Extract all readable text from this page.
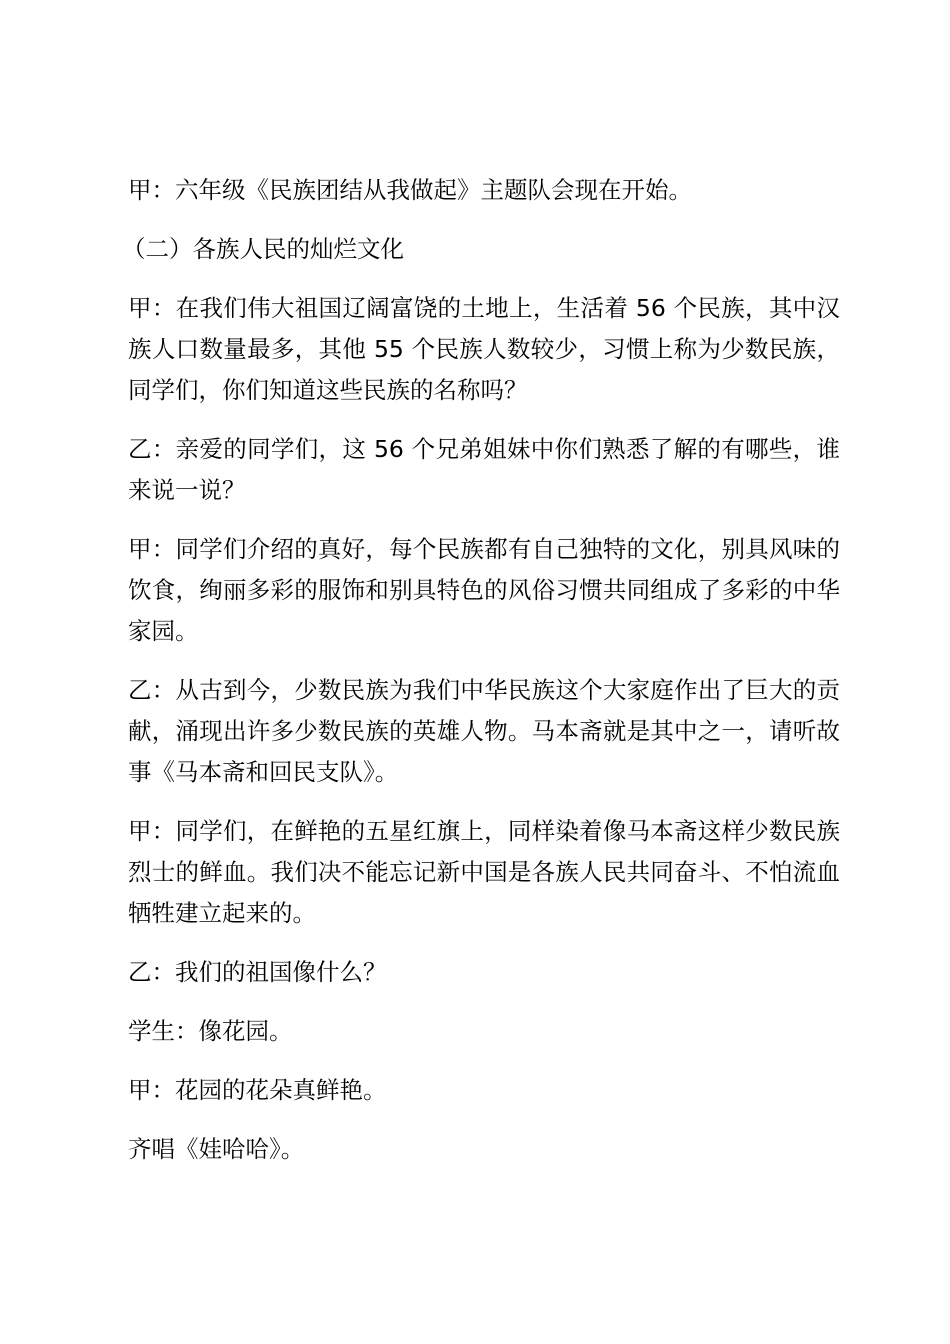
甲：六年级《民族团结从我做起》主题队会现在开始。

（二）各族人民的灿烂文化

甲：在我们伟大祖国辽阔富饶的土地上，生活着 56 个民族，其中汉族人口数量最多，其他 55 个民族人数较少，习惯上称为少数民族，同学们，你们知道这些民族的名称吗？

乙：亲爱的同学们，这 56 个兄弟姐妹中你们熟悉了解的有哪些，谁来说一说？

甲：同学们介绍的真好，每个民族都有自己独特的文化，别具风味的饮食，绚丽多彩的服饰和别具特色的风俗习惯共同组成了多彩的中华家园。

乙：从古到今，少数民族为我们中华民族这个大家庭作出了巨大的贡献，涌现出许多少数民族的英雄人物。马本斋就是其中之一，请听故事《马本斋和回民支队》。

甲：同学们，在鲜艳的五星红旗上，同样染着像马本斋这样少数民族烈士的鲜血。我们决不能忘记新中国是各族人民共同奋斗、不怕流血牺牲建立起来的。

乙：我们的祖国像什么？

学生：像花园。

甲：花园的花朵真鲜艳。

齐唱《娃哈哈》。
